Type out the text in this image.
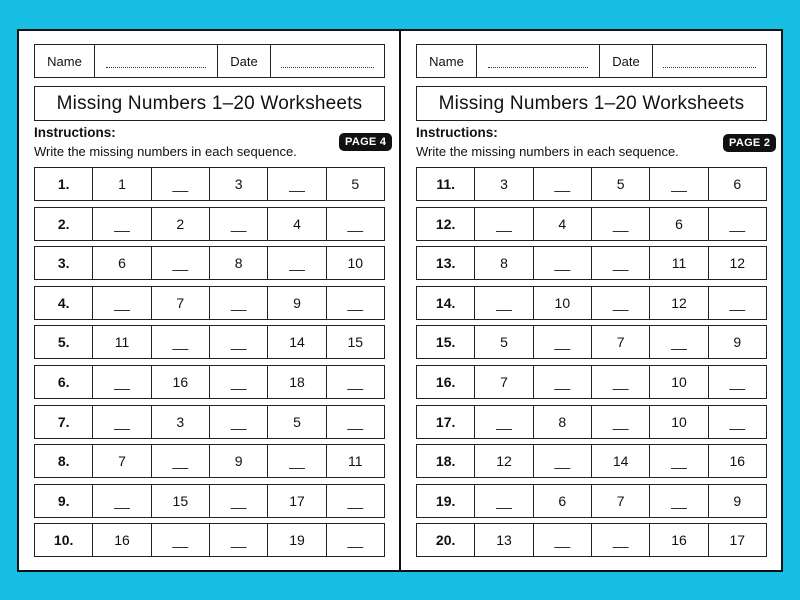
Name	Date
Missing Numbers 1–20 Worksheets
Instructions:
Write the missing numbers in each sequence.
PAGE 4
1.	1	__	3	__	5
2.	__	2	__	4	__
3.	6	__	8	__	10
4.	__	7	__	9	__
5.	11	__	__	14	15
6.	__	16	__	18	__
7.	__	3	__	5	__
8.	7	__	9	__	11
9.	__	15	__	17	__
10.	16	__	__	19	__
Name	Date
Missing Numbers 1–20 Worksheets
Instructions:
Write the missing numbers in each sequence.
PAGE 2
11.	3	__	5	__	6
12.	__	4	__	6	__
13.	8	__	__	11	12
14.	__	10	__	12	__
15.	5	__	7	__	9
16.	7	__	__	10	__
17.	__	8	__	10	__
18.	12	__	14	__	16
19.	__	6	7	__	9
20.	13	__	__	16	17
